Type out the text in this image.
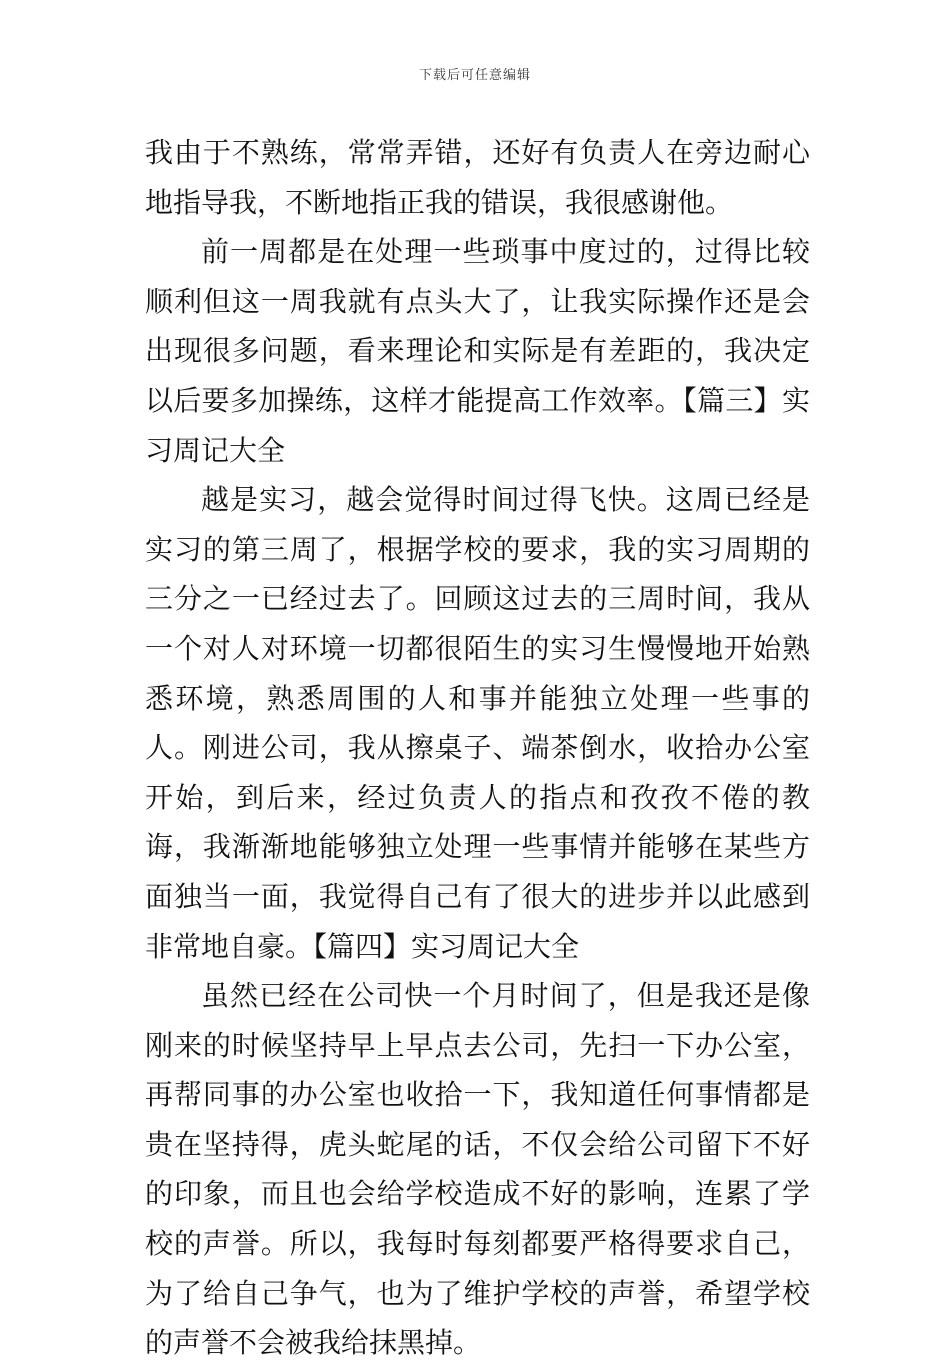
下载后可任意编辑

我由于不熟练，常常弄错，还好有负责人在旁边耐心地指导我，不断地指正我的错误，我很感谢他。

前一周都是在处理一些琐事中度过的，过得比较顺利但这一周我就有点头大了，让我实际操作还是会出现很多问题，看来理论和实际是有差距的，我决定以后要多加操练，这样才能提高工作效率。【篇三】实习周记大全

越是实习，越会觉得时间过得飞快。这周已经是实习的第三周了，根据学校的要求，我的实习周期的三分之一已经过去了。回顾这过去的三周时间，我从一个对人对环境一切都很陌生的实习生慢慢地开始熟悉环境，熟悉周围的人和事并能独立处理一些事的人。刚进公司，我从擦桌子、端茶倒水，收拾办公室开始，到后来，经过负责人的指点和孜孜不倦的教诲，我渐渐地能够独立处理一些事情并能够在某些方面独当一面，我觉得自己有了很大的进步并以此感到非常地自豪。【篇四】实习周记大全

虽然已经在公司快一个月时间了，但是我还是像刚来的时候坚持早上早点去公司，先扫一下办公室，再帮同事的办公室也收拾一下，我知道任何事情都是贵在坚持得，虎头蛇尾的话，不仅会给公司留下不好的印象，而且也会给学校造成不好的影响，连累了学校的声誉。所以，我每时每刻都要严格得要求自己，为了给自己争气，也为了维护学校的声誉，希望学校的声誉不会被我给抹黑掉。
